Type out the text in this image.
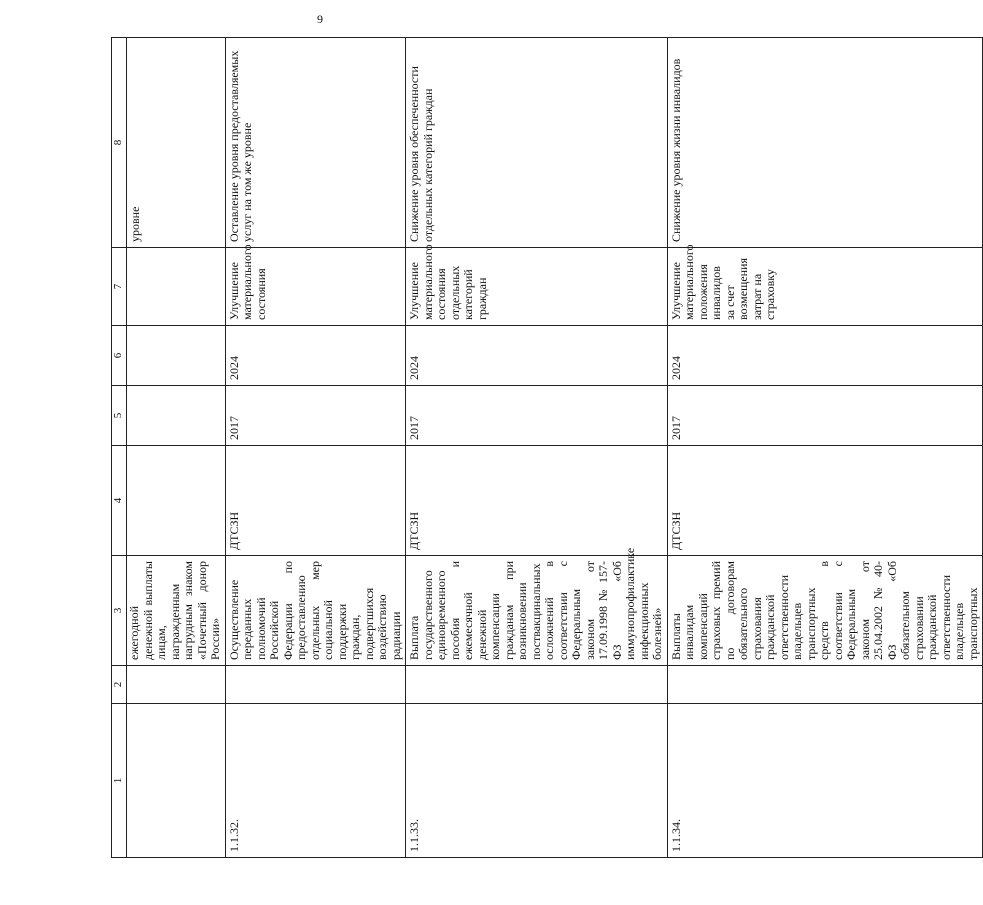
9
1	2	3	4	5	6	7	8
		ежегодной денежной выплаты лицам, награжденным нагрудным знаком «Почетный донор России»					уровне
1.1.32.		Осуществление переданных полномочий Российской Федерации по предоставлению отдельных мер социальной поддержки граждан, подвергшихся воздействию радиации	ДТСЗН	2017	2024	Улучшение материального состояния	Оставление уровня предоставляемых услуг на том же уровне
1.1.33.		Выплата государственного единовременного пособия и ежемесячной денежной компенсации гражданам при возникновении поствакцинальных осложнений в соответствии с Федеральным законом от 17.09.1998 № 157-ФЗ «Об иммунопрофилактике инфекционных болезней»	ДТСЗН	2017	2024	Улучшение материального состояния отдельных категорий граждан	Снижение уровня обеспеченности отдельных категорий граждан
1.1.34.		Выплаты инвалидам компенсаций страховых премий по договорам обязательного страхования гражданской ответственности владельцев транспортных средств в соответствии с Федеральным законом от 25.04.2002 № 40-ФЗ «Об обязательном страховании гражданской ответственности владельцев транспортных	ДТСЗН	2017	2024	Улучшение материального положения инвалидов за счет возмещения затрат на страховку	Снижение уровня жизни инвалидов
